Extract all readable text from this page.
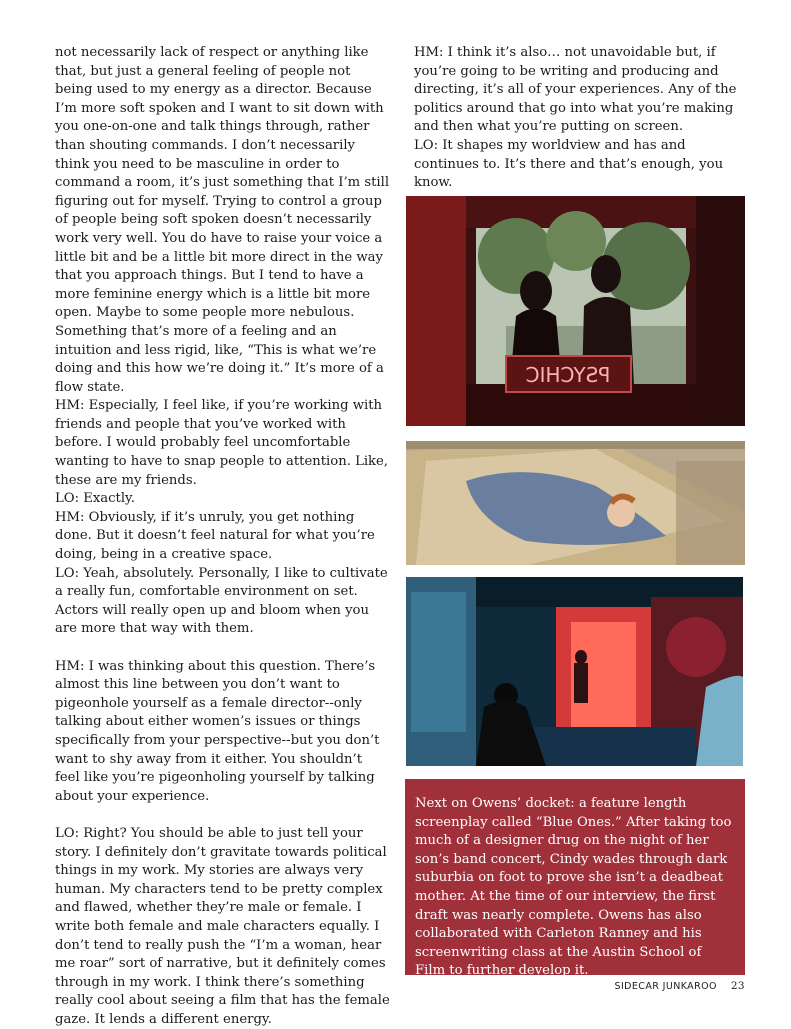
not necessarily lack of respect or anything like that, but just a general feeling of people not being used to my energy as a director. Because I’m more soft spoken and I want to sit down with you one-on-one and talk things through, rather than shouting commands. I don’t necessarily think you need to be masculine in order to command a room, it’s just something that I’m still figuring out for myself. Trying to control a group of people being soft spoken doesn’t necessarily work very well. You do have to raise your voice a little bit and be a little bit more direct in the way that you approach things. But I tend to have a more feminine energy which is a little bit more open. Maybe to some people more nebulous. Something that’s more of a feeling and an intuition and less rigid, like, “This is what we’re doing and this how we’re doing it.” It’s more of a flow state.

HM: Especially, I feel like, if you’re working with friends and people that you’ve worked with before. I would probably feel uncomfortable wanting to have to snap people to attention. Like, these are my friends.

LO: Exactly.

HM: Obviously, if it’s unruly, you get nothing done. But it doesn’t feel natural for what you’re doing, being in a creative space.

LO: Yeah, absolutely. Personally, I like to cultivate a really fun, comfortable environment on set. Actors will really open up and bloom when you are more that way with them.

HM: I was thinking about this question. There’s almost this line between you don’t want to pigeonhole yourself as a female director--only talking about either women’s issues or things specifically from your perspective--but you don’t want to shy away from it either. You shouldn’t feel like you’re pigeonholing yourself by talking about your experience.

LO: Right? You should be able to just tell your story. I definitely don’t gravitate towards political things in my work. My stories are always very human. My characters tend to be pretty complex and flawed, whether they’re male or female. I write both female and male characters equally. I don’t tend to really push the “I’m a woman, hear me roar” sort of narrative, but it definitely comes through in my work. I think there’s something really cool about seeing a film that has the female gaze. It lends a different energy.

HM: I think it’s also… not unavoidable but, if you’re going to be writing and producing and directing, it’s all of your experiences. Any of the politics around that go into what you’re making and then what you’re putting on screen.

LO: It shapes my worldview and has and continues to. It’s there and that’s enough, you know.

PSYCHIC

Next on Owens’ docket: a feature length screenplay called “Blue Ones.” After taking too much of a designer drug on the night of her son’s band concert, Cindy wades through dark suburbia on foot to prove she isn’t a deadbeat mother. At the time of our interview, the first draft was nearly complete. Owens has also collaborated with Carleton Ranney and his screenwriting class at the Austin School of Film to further develop it.

SIDECAR JUNKAROO 23
